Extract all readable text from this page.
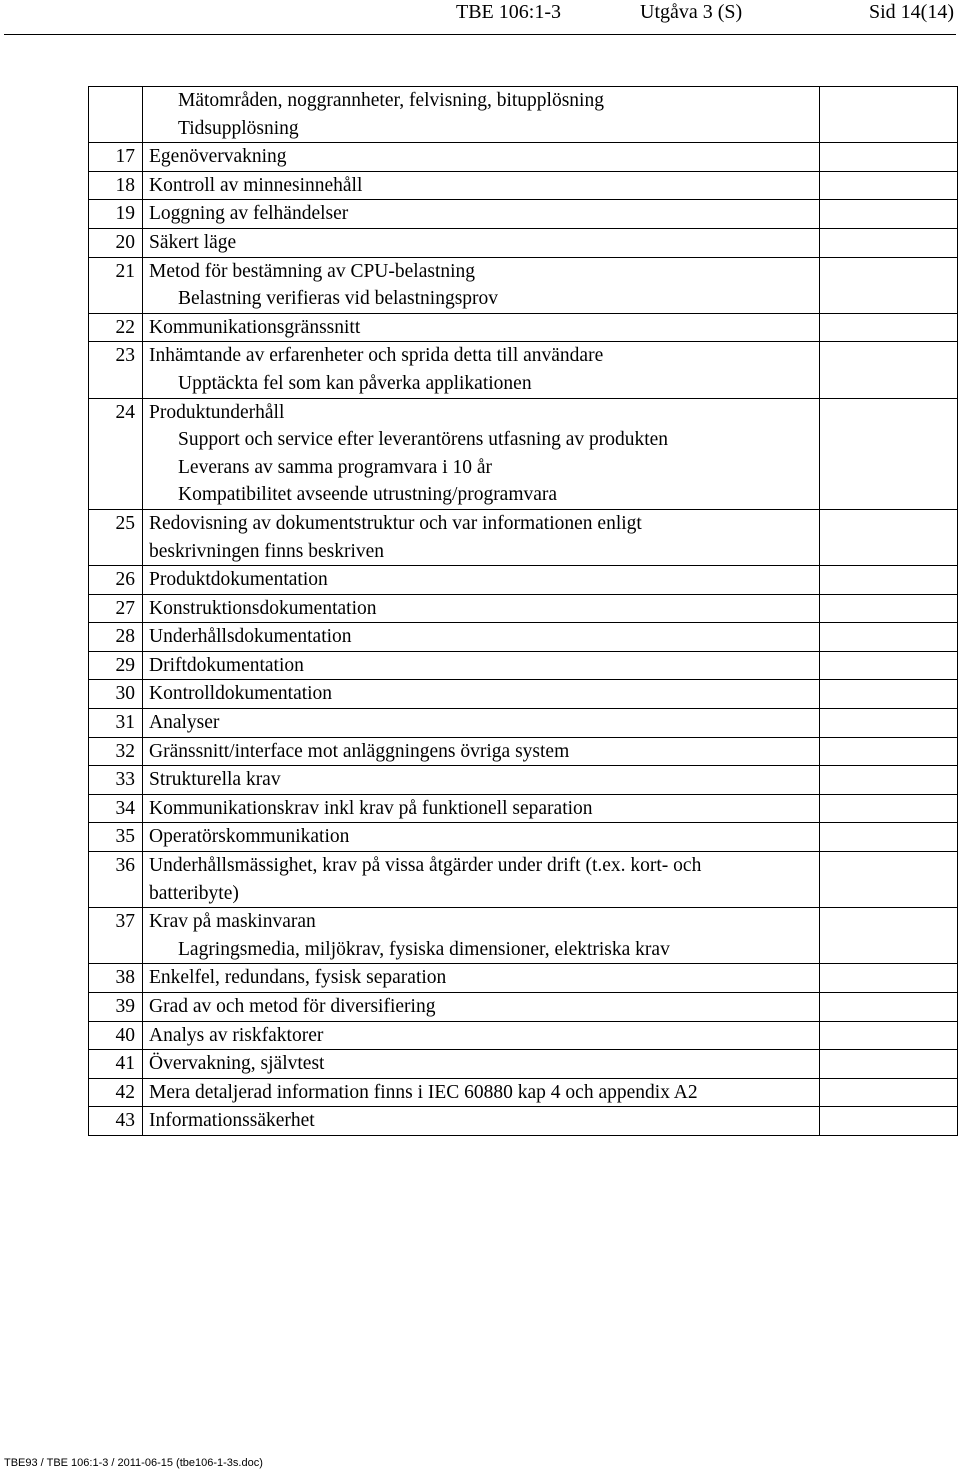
TBE 106:1-3	Utgåva 3 (S)	Sid 14(14)

	Mätområden, noggrannheter, felvisning, bitupplösning
Tidsupplösning	

17	Egenövervakning	

18	Kontroll av minnesinnehåll	

19	Loggning av felhändelser	

20	Säkert läge	

21	Metod för bestämning av CPU-belastning
Belastning verifieras vid belastningsprov	

22	Kommunikationsgränssnitt	

23	Inhämtande av erfarenheter och sprida detta till användare
Upptäckta fel som kan påverka applikationen	

24	Produktunderhåll
Support och service efter leverantörens utfasning av produkten
Leverans av samma programvara i 10 år
Kompatibilitet avseende utrustning/programvara	

25	Redovisning av dokumentstruktur och var informationen enligt
beskrivningen finns beskriven	

26	Produktdokumentation	

27	Konstruktionsdokumentation	

28	Underhållsdokumentation	

29	Driftdokumentation	

30	Kontrolldokumentation	

31	Analyser	

32	Gränssnitt/interface mot anläggningens övriga system	

33	Strukturella krav	

34	Kommunikationskrav inkl krav på funktionell separation	

35	Operatörskommunikation	

36	Underhållsmässighet, krav på vissa åtgärder under drift (t.ex. kort- och
batteribyte)	

37	Krav på maskinvaran
Lagringsmedia, miljökrav, fysiska dimensioner, elektriska krav	

38	Enkelfel, redundans, fysisk separation	

39	Grad av och metod för diversifiering	

40	Analys av riskfaktorer	

41	Övervakning, självtest	

42	Mera detaljerad information finns i IEC 60880 kap 4 och appendix A2	

43	Informationssäkerhet	

TBE93 / TBE 106:1-3 / 2011-06-15 (tbe106-1-3s.doc)
